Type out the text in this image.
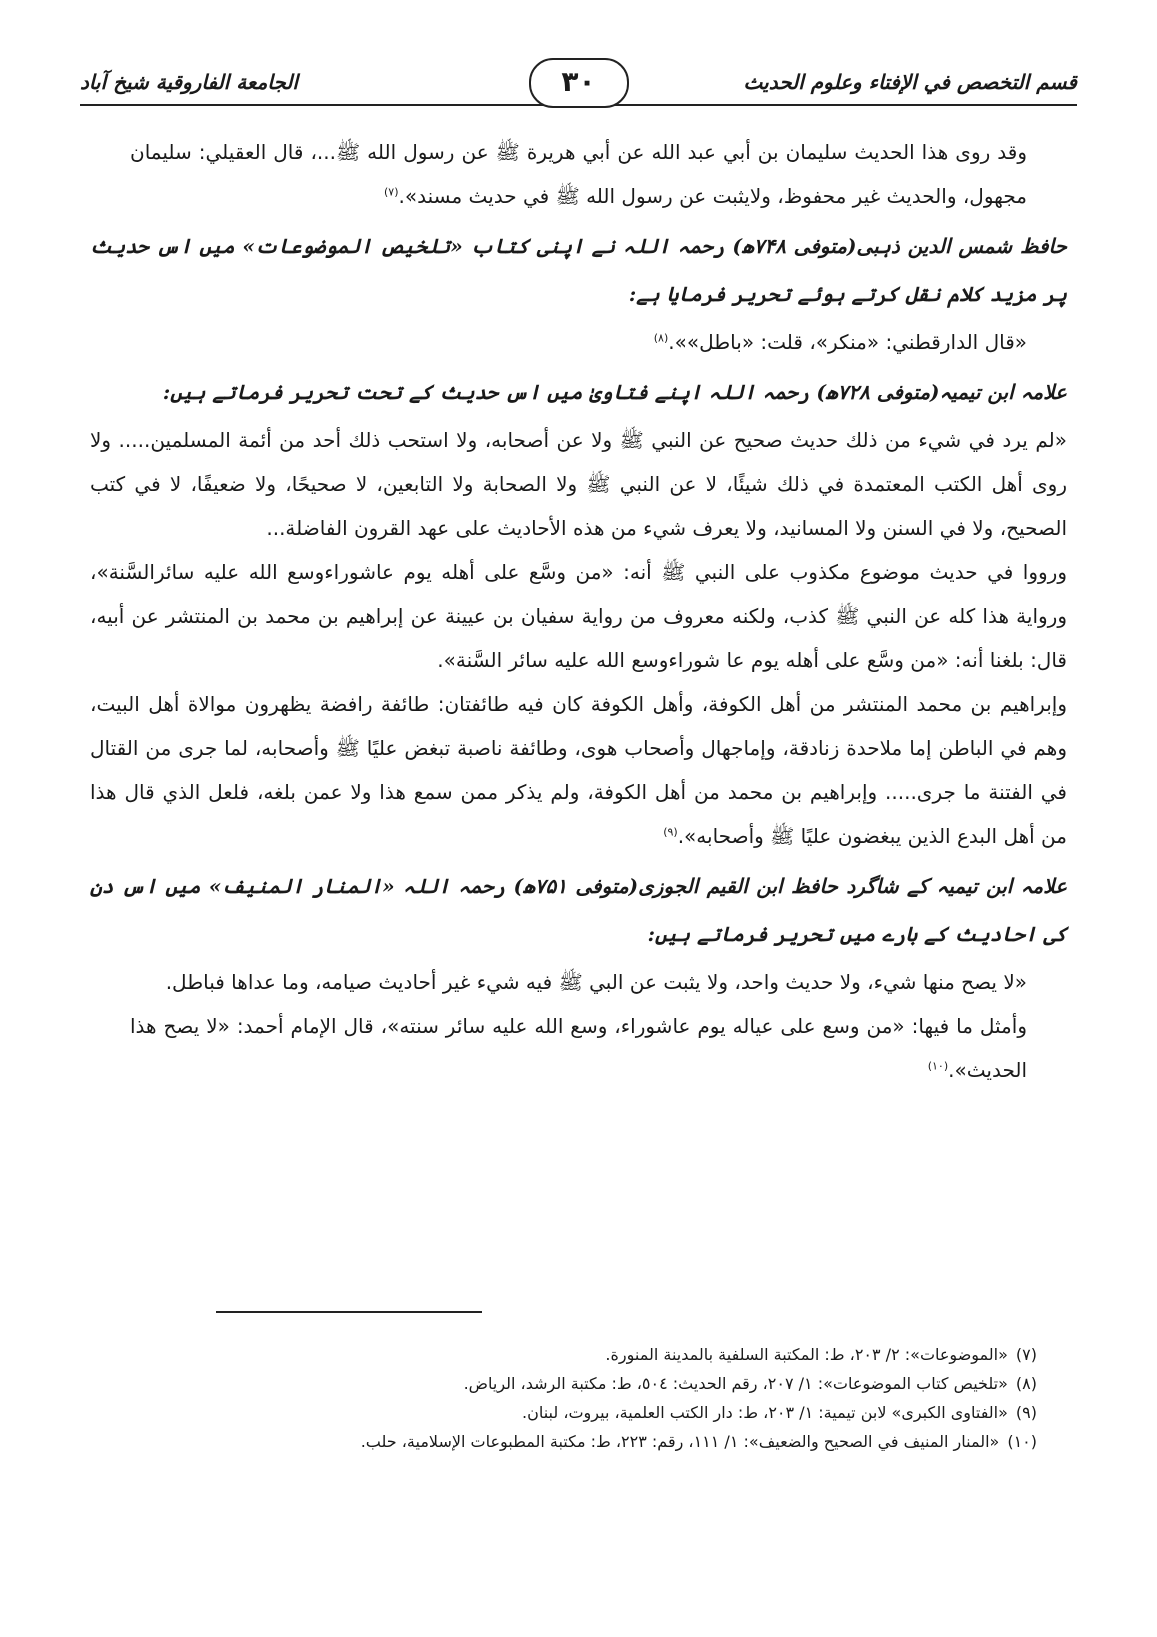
قسم التخصص في الإفتاء وعلوم الحديث
٣٠
الجامعة الفاروقية شيخ آباد

وقد روى هذا الحديث سليمان بن أبي عبد الله عن أبي هريرة ﷺ عن رسول الله ﷺ...، قال العقيلي: سليمان مجهول، والحديث غير محفوظ، ولايثبت عن رسول الله ﷺ في حديث مسند».$^{(٧)}$

حافظ شمس الدین ذہبی(متوفی ۷۴۸ھ) رحمہ اللہ نے اپنی کتاب «تلخيص الموضوعات» میں اس حدیث پر مزید کلام نقل کرتے ہوئے تحریر فرمایا ہے:

«قال الدارقطني: «منكر»، قلت: «باطل»».$^{(٨)}$

علامہ ابن تیمیہ(متوفی ۷۲۸ھ) رحمہ اللہ اپنے فتاویٰ میں اس حدیث کے تحت تحریر فرماتے ہیں:

«لم يرد في شيء من ذلك حديث صحيح عن النبي ﷺ ولا عن أصحابه، ولا استحب ذلك أحد من أئمة المسلمين..... ولا روى أهل الكتب المعتمدة في ذلك شيئًا، لا عن النبي ﷺ ولا الصحابة ولا التابعين، لا صحيحًا، ولا ضعيفًا، لا في كتب الصحيح، ولا في السنن ولا المسانيد، ولا يعرف شيء من هذه الأحاديث على عهد القرون الفاضلة...

ورووا في حديث موضوع مكذوب على النبي ﷺ أنه: «من وسَّع على أهله يوم عاشوراءوسع الله عليه سائرالسَّنة»، ورواية هذا كله عن النبي ﷺ كذب، ولكنه معروف من رواية سفيان بن عيينة عن إبراهيم بن محمد بن المنتشر عن أبيه، قال: بلغنا أنه: «من وسَّع على أهله يوم عا شوراءوسع الله عليه سائر السَّنة».

وإبراهيم بن محمد المنتشر من أهل الكوفة، وأهل الكوفة كان فيه طائفتان: طائفة رافضة يظهرون موالاة أهل البيت، وهم في الباطن إما ملاحدة زنادقة، وإماجهال وأصحاب هوى، وطائفة ناصبة تبغض عليًا ﷺ وأصحابه، لما جرى من القتال في الفتنة ما جرى..... وإبراهيم بن محمد من أهل الكوفة، ولم يذكر ممن سمع هذا ولا عمن بلغه، فلعل الذي قال هذا من أهل البدع الذين يبغضون عليًا ﷺ وأصحابه».$^{(٩)}$

علامہ ابن تیمیہ کے شاگرد حافظ ابن القیم الجوزی(متوفی ۷۵۱ھ) رحمہ اللہ «المنار المنيف» میں اس دن کی احادیث کے بارے میں تحریر فرماتے ہیں:

«لا يصح منها شيء، ولا حديث واحد، ولا يثبت عن البي ﷺ فيه شيء غير أحاديث صيامه، وما عداها فباطل.

وأمثل ما فيها: «من وسع على عياله يوم عاشوراء، وسع الله عليه سائر سنته»، قال الإمام أحمد: «لا يصح هذا الحديث».$^{(١٠)}$

(٧)«الموضوعات»: ٢/ ٢٠٣، ط: المكتبة السلفية بالمدينة المنورة.

(٨)«تلخيص كتاب الموضوعات»: ١/ ٢٠٧، رقم الحديث: ٥٠٤، ط: مكتبة الرشد، الرياض.

(٩)«الفتاوى الكبرى» لابن تيمية: ١/ ٢٠٣، ط: دار الكتب العلمية، بيروت، لبنان.

(١٠)«المنار المنيف في الصحيح والضعيف»: ١/ ١١١، رقم: ٢٢٣، ط: مكتبة المطبوعات الإسلامية، حلب.
